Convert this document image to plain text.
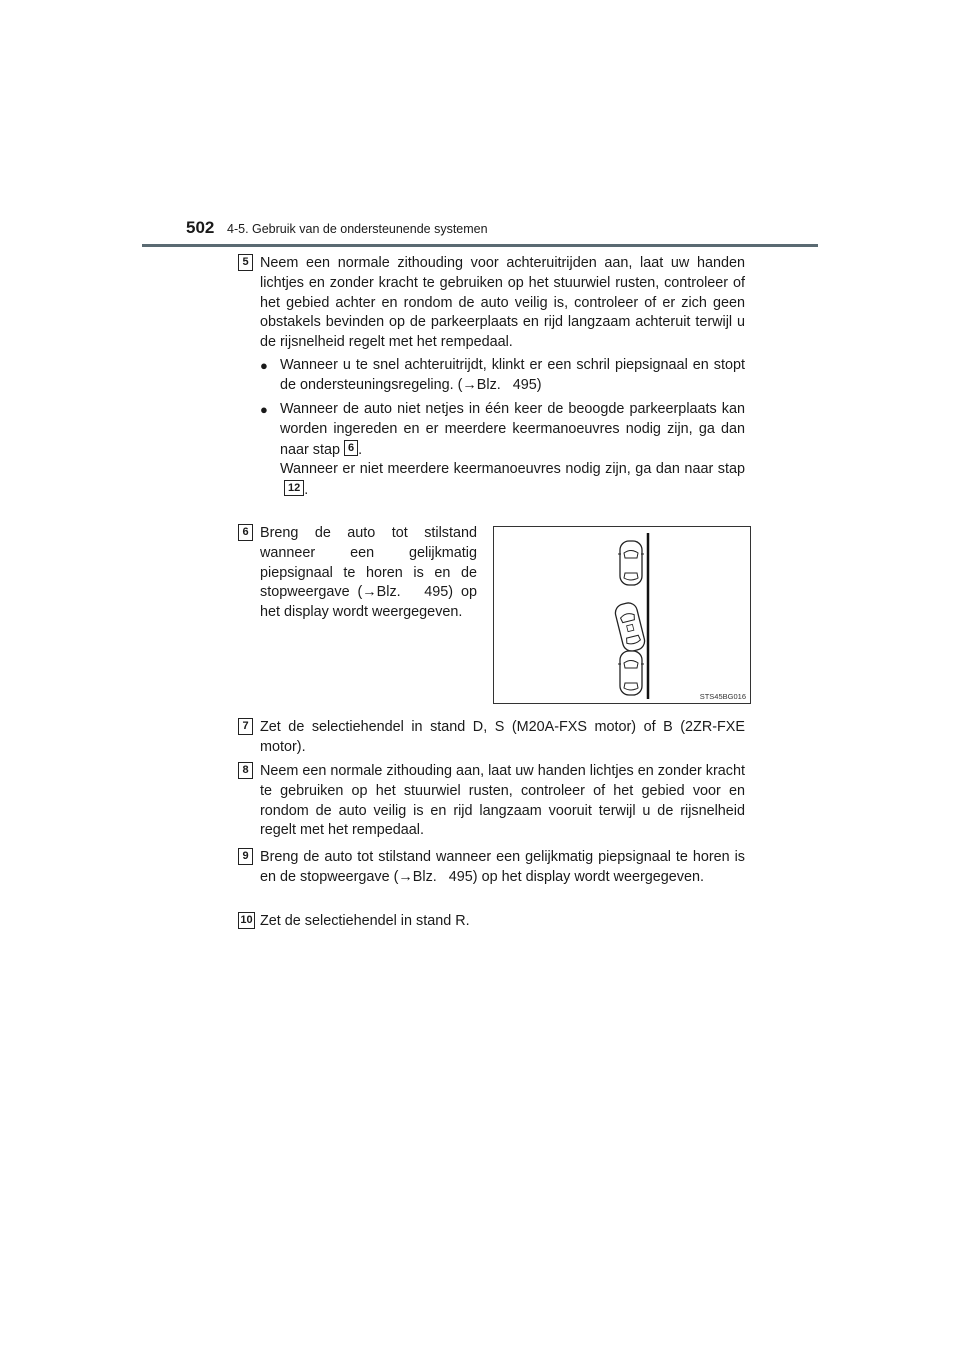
502 4-5. Gebruik van de ondersteunende systemen
5 Neem een normale zithouding voor achteruitrijden aan, laat uw handen lichtjes en zonder kracht te gebruiken op het stuurwiel rusten, controleer of het gebied achter en rondom de auto veilig is, controleer of er zich geen obstakels bevinden op de parkeerplaats en rijd langzaam achteruit terwijl u de rijsnelheid regelt met het rempedaal.
● Wanneer u te snel achteruitrijdt, klinkt er een schril piepsignaal en stopt de ondersteuningsregeling. (→Blz.   495)
● Wanneer de auto niet netjes in één keer de beoogde parkeerplaats kan worden ingereden en er meerdere keermanoeuvres nodig zijn, ga dan naar stap 6 .
Wanneer er niet meerdere keermanoeuvres nodig zijn, ga dan naar stap12 .
6 Breng de auto tot stilstand wanneer een gelijkmatig piepsignaal te horen is en de stopweergave (→Blz.   495) op het display wordt weergegeven.
STS45BG016
7 Zet de selectiehendel in stand D, S (M20A-FXS motor) of B (2ZR-FXE motor).
8 Neem een normale zithouding aan, laat uw handen lichtjes en zonder kracht te gebruiken op het stuurwiel rusten, controleer of het gebied voor en rondom de auto veilig is en rijd langzaam vooruit terwijl u de rijsnelheid regelt met het rempedaal.
9 Breng de auto tot stilstand wanneer een gelijkmatig piepsignaal te horen is en de stopweergave (→Blz.   495) op het display wordt weergegeven.
10 Zet de selectiehendel in stand R.
